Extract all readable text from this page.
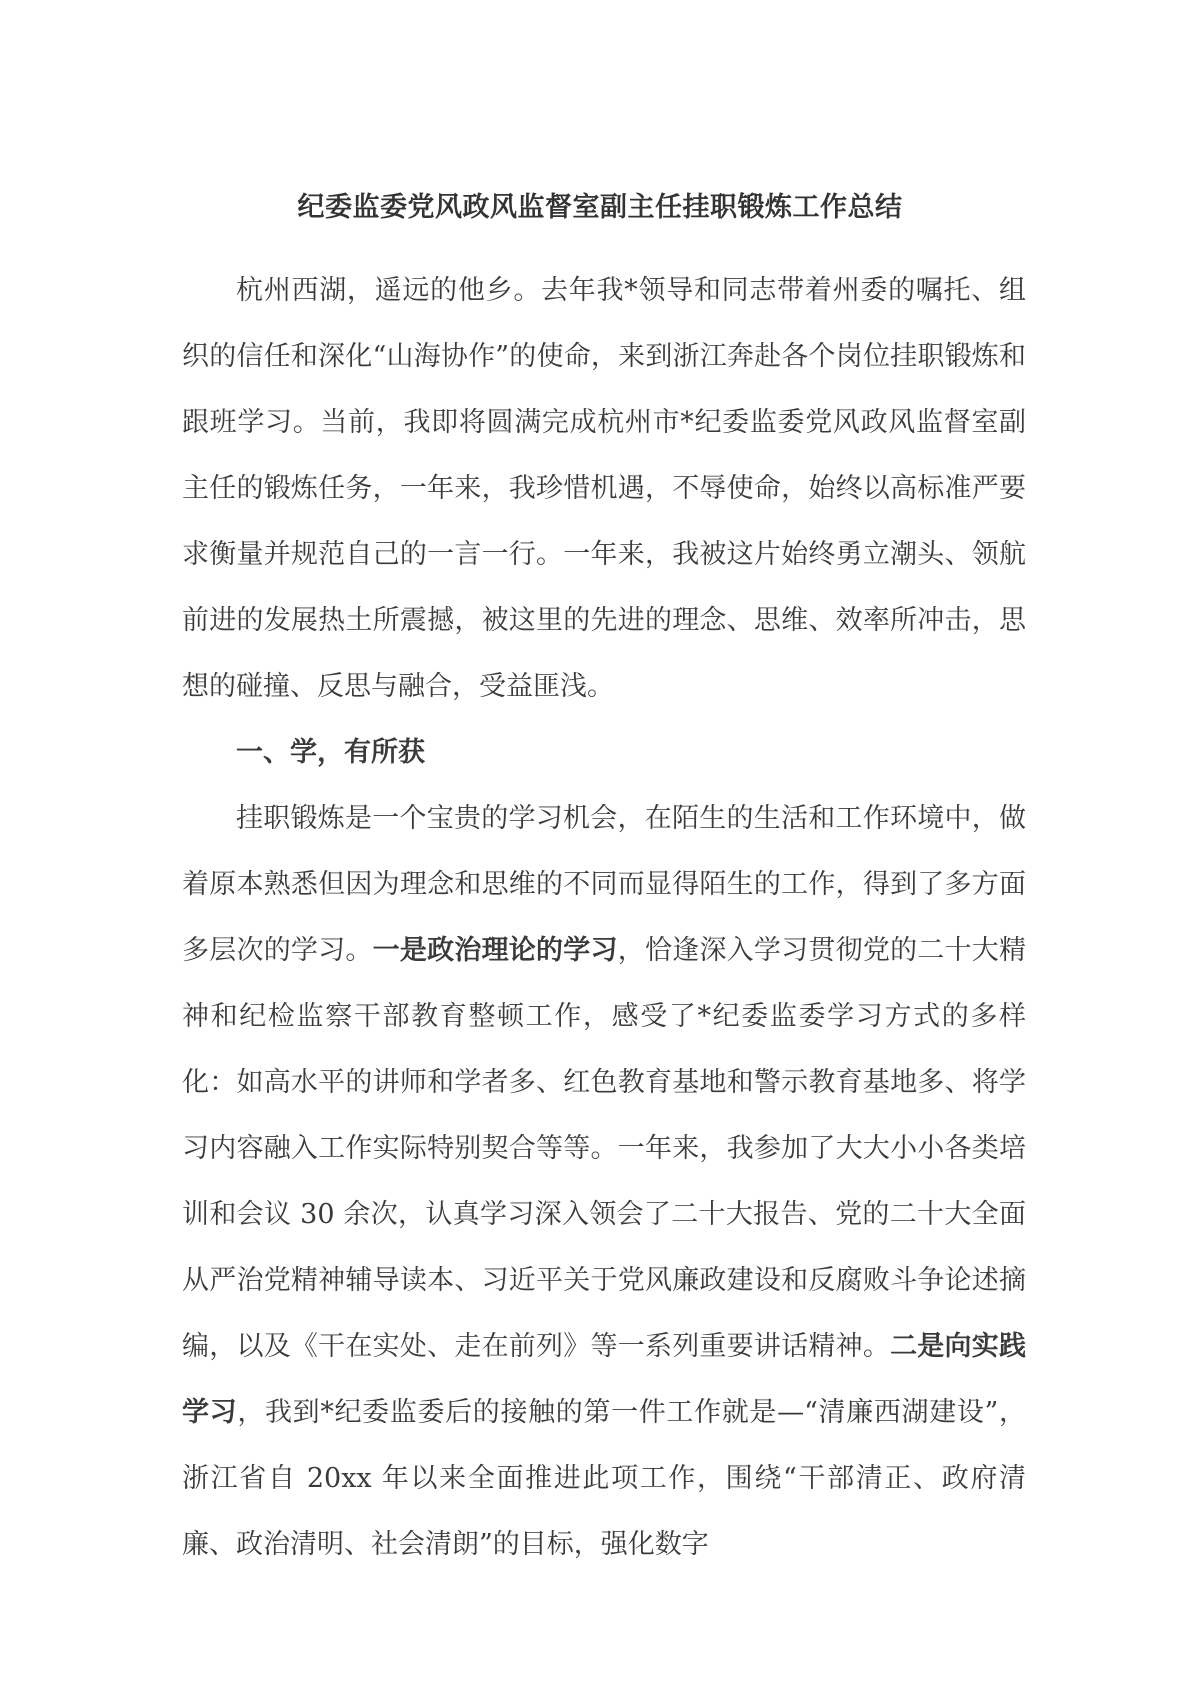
纪委监委党风政风监督室副主任挂职锻炼工作总结

杭州西湖，遥远的他乡。去年我*领导和同志带着州委的嘱托、组织的信任和深化“山海协作”的使命，来到浙江奔赴各个岗位挂职锻炼和跟班学习。当前，我即将圆满完成杭州市*纪委监委党风政风监督室副主任的锻炼任务，一年来，我珍惜机遇，不辱使命，始终以高标准严要求衡量并规范自己的一言一行。一年来，我被这片始终勇立潮头、领航前进的发展热土所震撼，被这里的先进的理念、思维、效率所冲击，思想的碰撞、反思与融合，受益匪浅。

一、学，有所获

挂职锻炼是一个宝贵的学习机会，在陌生的生活和工作环境中，做着原本熟悉但因为理念和思维的不同而显得陌生的工作，得到了多方面多层次的学习。一是政治理论的学习，恰逢深入学习贯彻党的二十大精神和纪检监察干部教育整顿工作，感受了*纪委监委学习方式的多样化：如高水平的讲师和学者多、红色教育基地和警示教育基地多、将学习内容融入工作实际特别契合等等。一年来，我参加了大大小小各类培训和会议 30 余次，认真学习深入领会了二十大报告、党的二十大全面从严治党精神辅导读本、习近平关于党风廉政建设和反腐败斗争论述摘编，以及《干在实处、走在前列》等一系列重要讲话精神。二是向实践学习，我到*纪委监委后的接触的第一件工作就是—“清廉西湖建设”，浙江省自 20xx 年以来全面推进此项工作，围绕“干部清正、政府清廉、政治清明、社会清朗”的目标，强化数字
